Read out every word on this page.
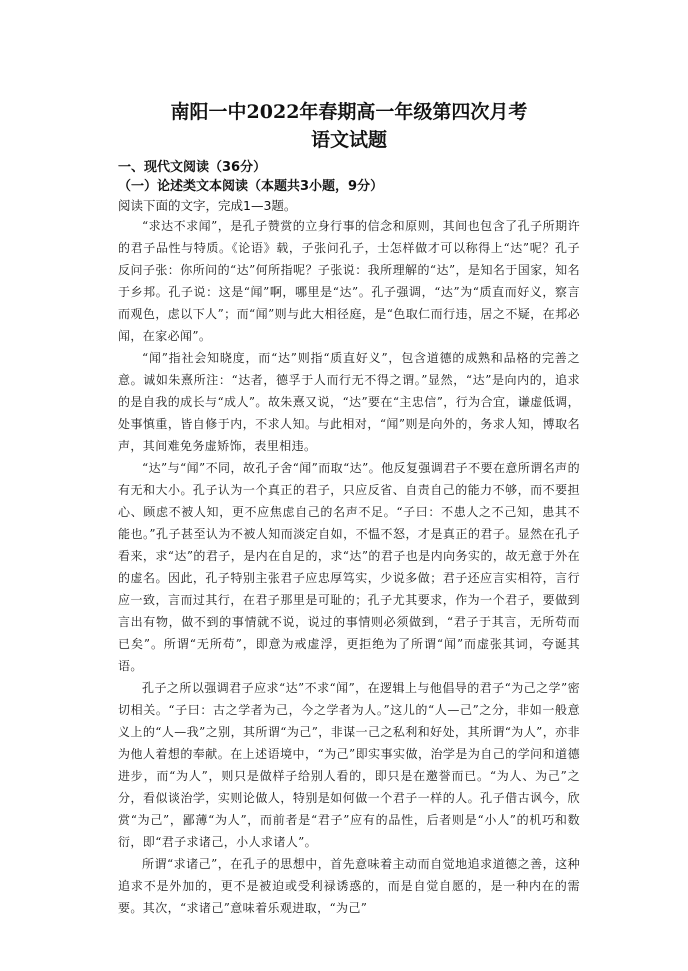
南阳一中2022年春期高一年级第四次月考
语文试题

一、现代文阅读（36分）

（一）论述类文本阅读（本题共3小题，9分）

阅读下面的文字，完成1—3题。

“求达不求闻”，是孔子赞赏的立身行事的信念和原则，其间也包含了孔子所期许的君子品性与特质。《论语》载，子张问孔子，士怎样做才可以称得上“达”呢？孔子反问子张：你所问的“达”何所指呢？子张说：我所理解的“达”，是知名于国家，知名于乡邦。孔子说：这是“闻”啊，哪里是“达”。孔子强调，“达”为“质直而好义，察言而观色，虑以下人”；而“闻”则与此大相径庭，是“色取仁而行违，居之不疑，在邦必闻，在家必闻”。

“闻”指社会知晓度，而“达”则指“质直好义”，包含道德的成熟和品格的完善之意。诚如朱熹所注：“达者，德孚于人而行无不得之谓。”显然，“达”是向内的，追求的是自我的成长与“成人”。故朱熹又说，“达”要在“主忠信”，行为合宜，谦虚低调，处事慎重，皆自修于内，不求人知。与此相对，“闻”则是向外的，务求人知，博取名声，其间难免务虚矫饰，表里相违。

“达”与“闻”不同，故孔子舍“闻”而取“达”。他反复强调君子不要在意所谓名声的有无和大小。孔子认为一个真正的君子，只应反省、自责自己的能力不够，而不要担心、顾虑不被人知，更不应焦虑自己的名声不足。“子曰：不患人之不己知，患其不能也。”孔子甚至认为不被人知而淡定自如，不愠不怒，才是真正的君子。显然在孔子看来，求“达”的君子，是内在自足的，求“达”的君子也是内向务实的，故无意于外在的虚名。因此，孔子特别主张君子应忠厚笃实，少说多做；君子还应言实相符，言行应一致，言而过其行，在君子那里是可耻的；孔子尤其要求，作为一个君子，要做到言出有物，做不到的事情就不说，说过的事情则必须做到，“君子于其言，无所苟而已矣”。所谓“无所苟”，即意为戒虚浮，更拒绝为了所谓“闻”而虚张其词，夸诞其语。

孔子之所以强调君子应求“达”不求“闻”，在逻辑上与他倡导的君子“为己之学”密切相关。“子曰：古之学者为己，今之学者为人。”这儿的“人—己”之分，非如一般意义上的“人—我”之别，其所谓“为己”，非谋一己之私利和好处，其所谓“为人”，亦非为他人着想的奉献。在上述语境中，“为己”即实事实做，治学是为自己的学问和道德进步，而“为人”，则只是做样子给别人看的，即只是在邀誉而已。“为人、为己”之分，看似谈治学，实则论做人，特别是如何做一个君子一样的人。孔子借古讽今，欣赏“为己”，鄙薄“为人”，而前者是“君子”应有的品性，后者则是“小人”的机巧和数衍，即“君子求诸己，小人求诸人”。

所谓“求诸己”，在孔子的思想中，首先意味着主动而自觉地追求道德之善，这种追求不是外加的，更不是被迫或受利禄诱惑的，而是自觉自愿的，是一种内在的需要。其次，“求诸己”意味着乐观进取，“为己”
